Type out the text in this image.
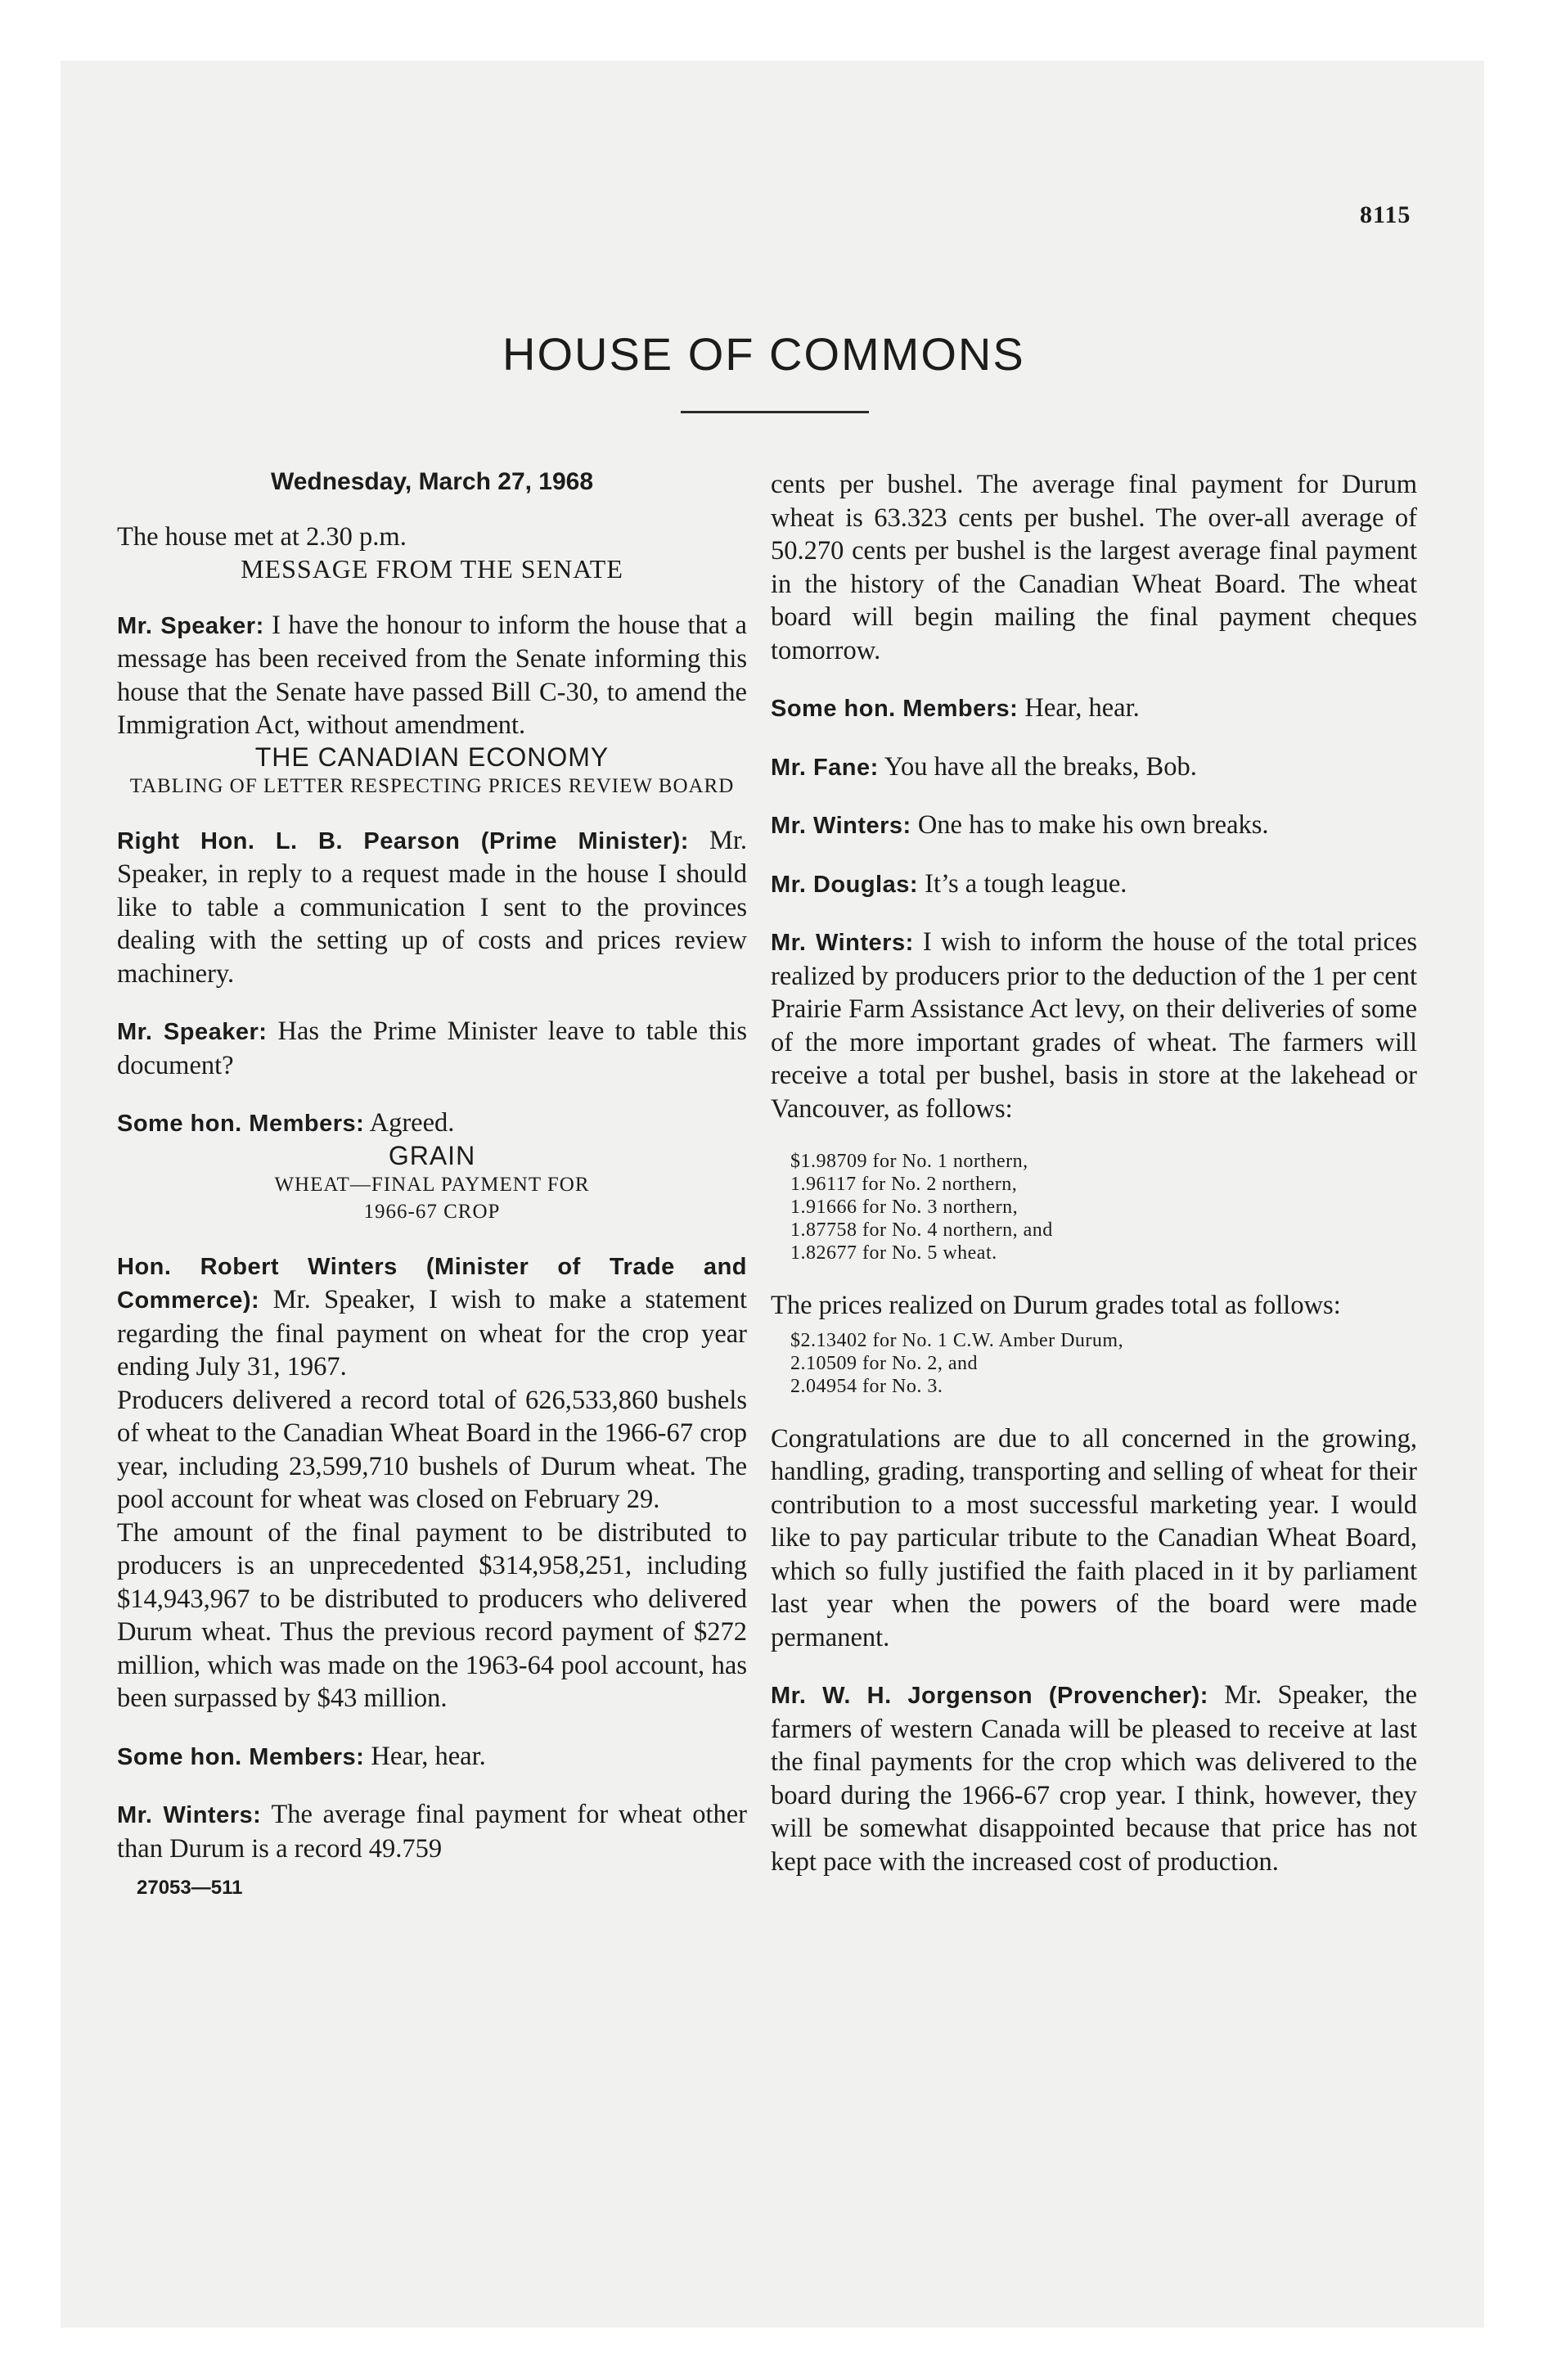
8115
HOUSE OF COMMONS

Wednesday, March 27, 1968

The house met at 2.30 p.m.

MESSAGE FROM THE SENATE

Mr. Speaker: I have the honour to inform the house that a message has been received from the Senate informing this house that the Senate have passed Bill C-30, to amend the Immigration Act, without amendment.

THE CANADIAN ECONOMY

TABLING OF LETTER RESPECTING PRICES REVIEW BOARD

Right Hon. L. B. Pearson (Prime Minister): Mr. Speaker, in reply to a request made in the house I should like to table a communication I sent to the provinces dealing with the setting up of costs and prices review machinery.

Mr. Speaker: Has the Prime Minister leave to table this document?

Some hon. Members: Agreed.

GRAIN

WHEAT—FINAL PAYMENT FOR

1966-67 CROP

Hon. Robert Winters (Minister of Trade and Commerce): Mr. Speaker, I wish to make a statement regarding the final payment on wheat for the crop year ending July 31, 1967.

Producers delivered a record total of 626,533,860 bushels of wheat to the Canadian Wheat Board in the 1966-67 crop year, including 23,599,710 bushels of Durum wheat. The pool account for wheat was closed on February 29.

The amount of the final payment to be distributed to producers is an unprecedented $314,958,251, including $14,943,967 to be distributed to producers who delivered Durum wheat. Thus the previous record payment of $272 million, which was made on the 1963-64 pool account, has been surpassed by $43 million.

Some hon. Members: Hear, hear.

Mr. Winters: The average final payment for wheat other than Durum is a record 49.759

27053—511

cents per bushel. The average final payment for Durum wheat is 63.323 cents per bushel. The over-all average of 50.270 cents per bushel is the largest average final payment in the history of the Canadian Wheat Board. The wheat board will begin mailing the final payment cheques tomorrow.

Some hon. Members: Hear, hear.

Mr. Fane: You have all the breaks, Bob.

Mr. Winters: One has to make his own breaks.

Mr. Douglas: It’s a tough league.

Mr. Winters: I wish to inform the house of the total prices realized by producers prior to the deduction of the 1 per cent Prairie Farm Assistance Act levy, on their deliveries of some of the more important grades of wheat. The farmers will receive a total per bushel, basis in store at the lakehead or Vancouver, as follows:

$1.98709 for No. 1 northern,

1.96117 for No. 2 northern,

1.91666 for No. 3 northern,

1.87758 for No. 4 northern, and

1.82677 for No. 5 wheat.

The prices realized on Durum grades total as follows:

$2.13402 for No. 1 C.W. Amber Durum,

2.10509 for No. 2, and

2.04954 for No. 3.

Congratulations are due to all concerned in the growing, handling, grading, transporting and selling of wheat for their contribution to a most successful marketing year. I would like to pay particular tribute to the Canadian Wheat Board, which so fully justified the faith placed in it by parliament last year when the powers of the board were made permanent.

Mr. W. H. Jorgenson (Provencher): Mr. Speaker, the farmers of western Canada will be pleased to receive at last the final payments for the crop which was delivered to the board during the 1966-67 crop year. I think, however, they will be somewhat disappointed because that price has not kept pace with the increased cost of production.
